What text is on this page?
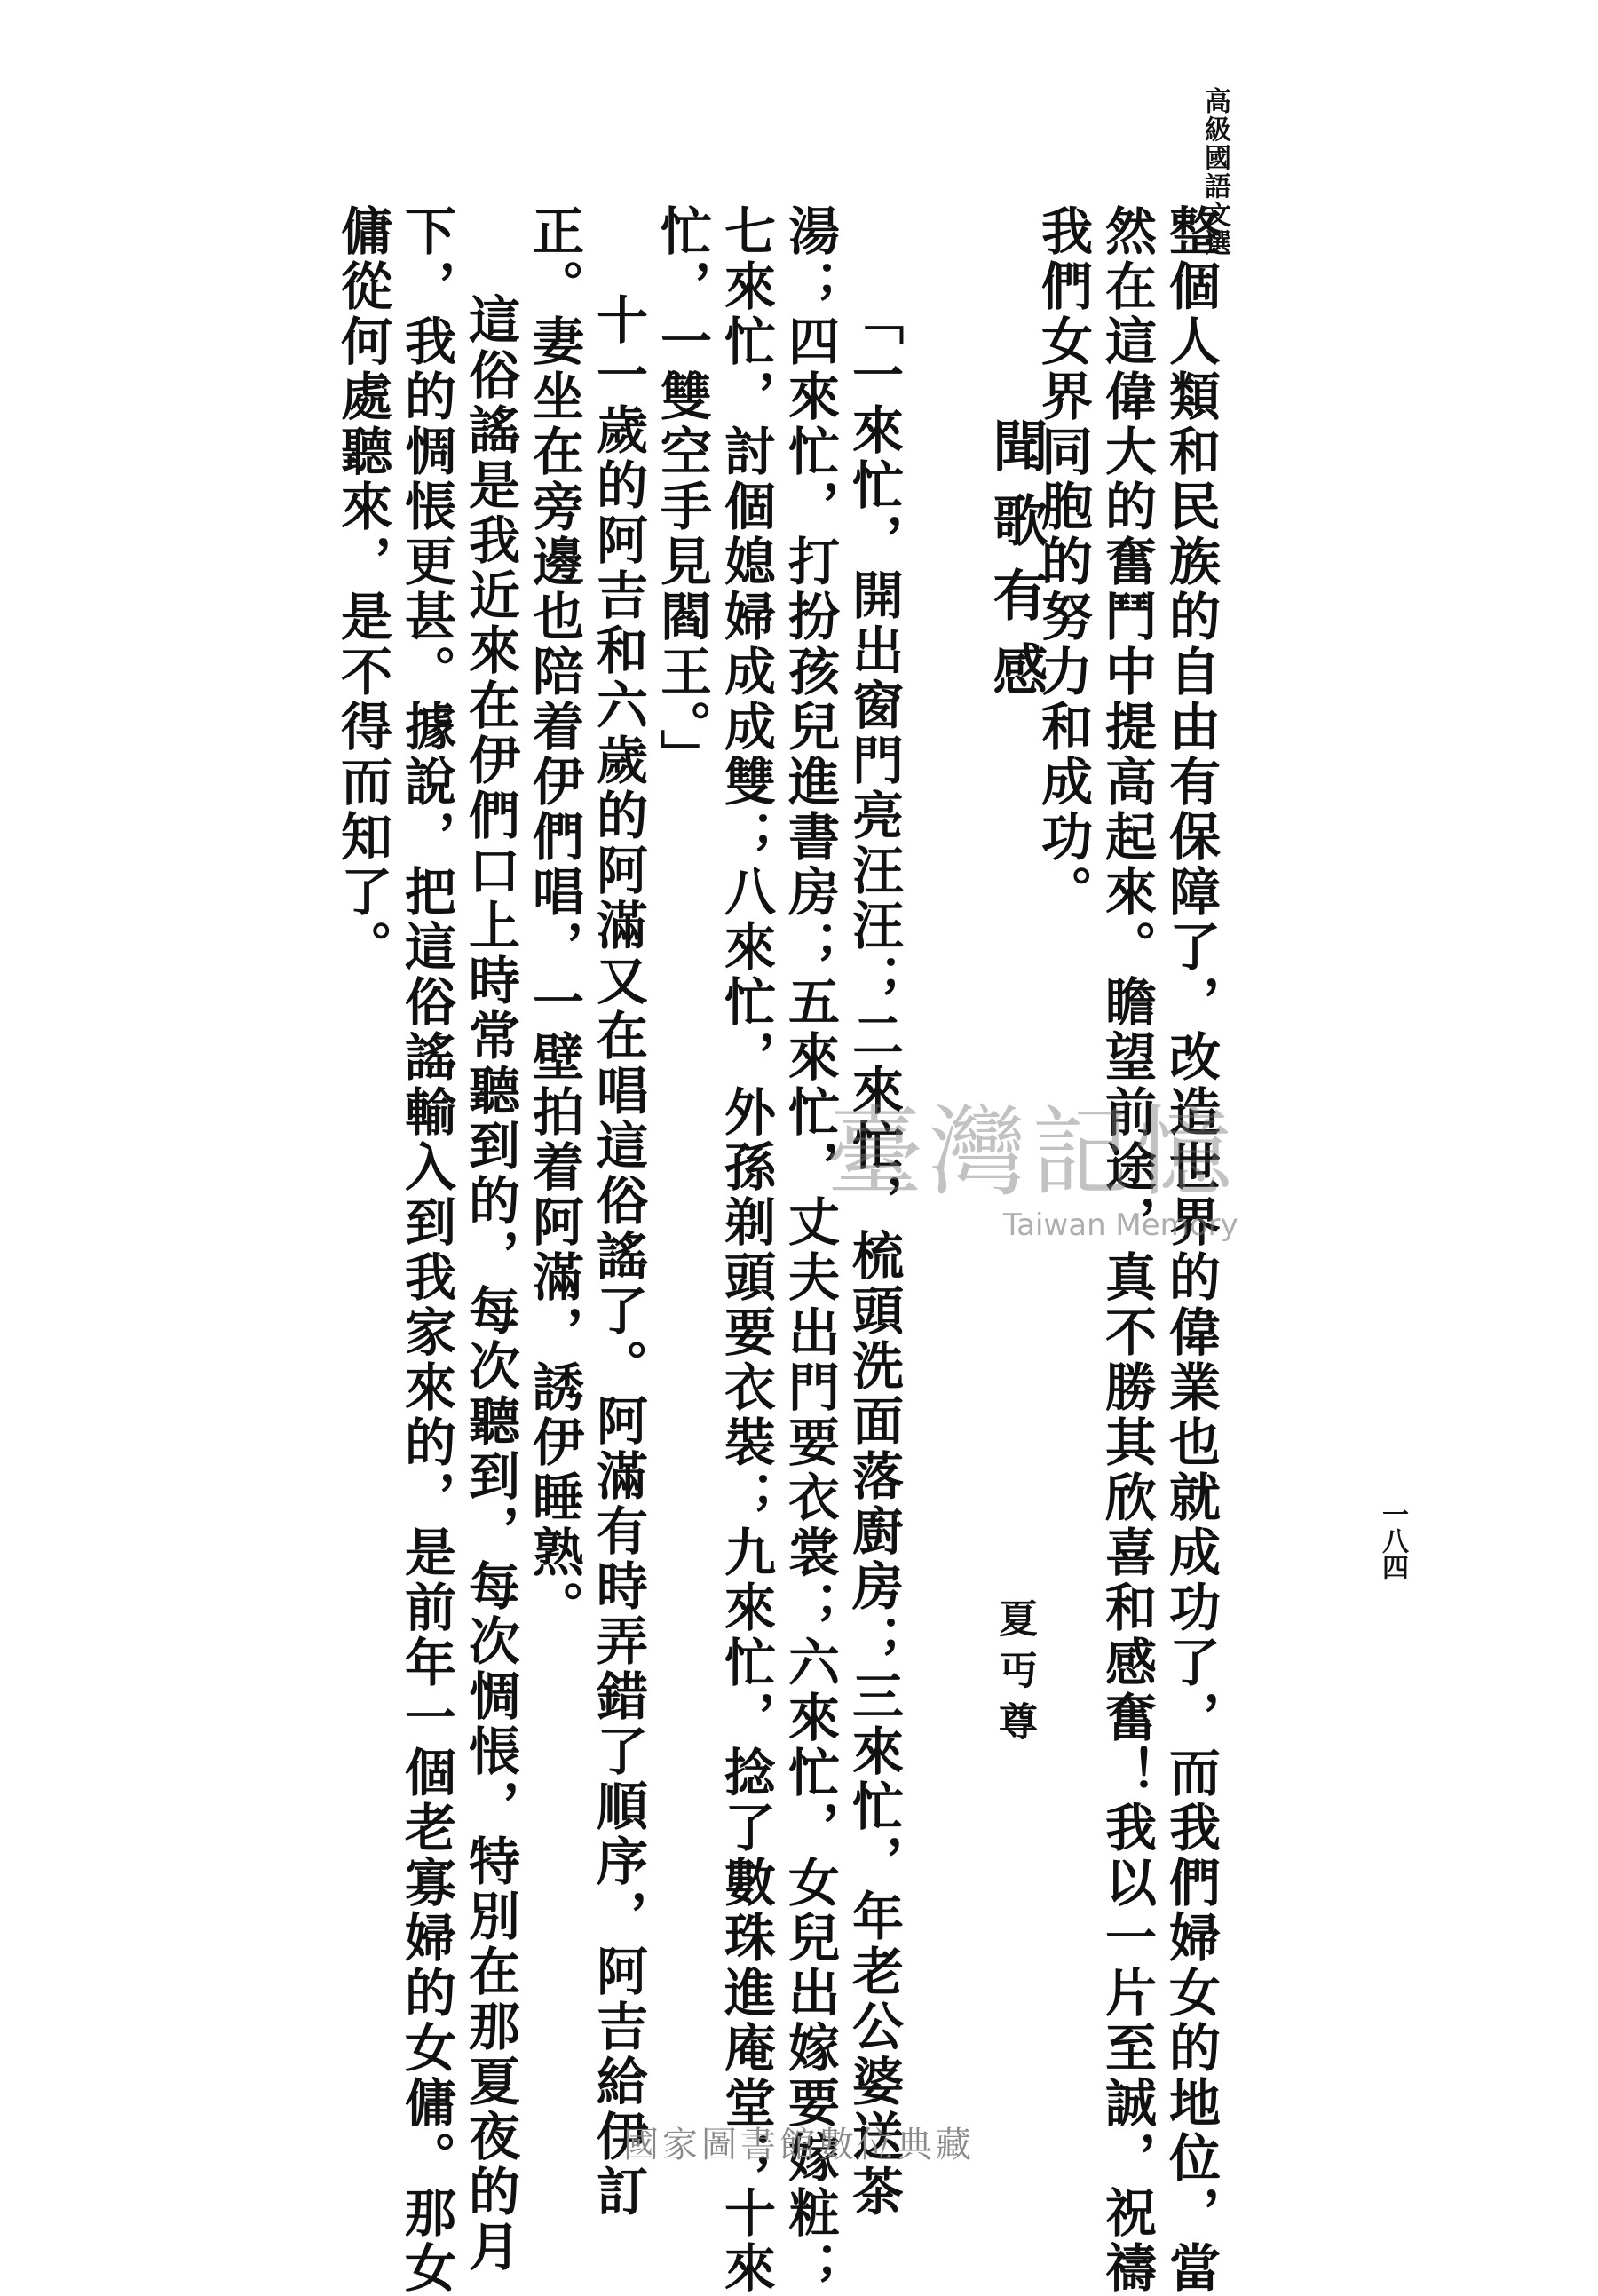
高級國語文選
一八四
整個人類和民族的自由有保障了，改造世界的偉業也就成功了，而我們婦女的地位，當
然在這偉大的奮鬥中提高起來。瞻望前途，真不勝其欣喜和感奮！我以一片至誠，祝禱
我們女界同胞的努力和成功。
聞歌有感
夏丏尊
「一來忙，開出窗門亮汪汪；二來忙，梳頭洗面落廚房；三來忙，年老公婆送茶
湯；四來忙，打扮孩兒進書房；五來忙，丈夫出門要衣裳；六來忙，女兒出嫁要嫁粧；
七來忙，討個媳婦成成雙；八來忙，外孫剃頭要衣裝；九來忙，捻了數珠進庵堂；十來
忙，一雙空手見閻王。」
十一歲的阿吉和六歲的阿滿又在唱這俗謠了。阿滿有時弄錯了順序，阿吉給伊訂
正。妻坐在旁邊也陪着伊們唱，一壁拍着阿滿，誘伊睡熟。
這俗謠是我近來在伊們口上時常聽到的，每次聽到，每次惆悵，特別在那夏夜的月
下，我的惆悵更甚。據說，把這俗謠輸入到我家來的，是前年一個老寡婦的女傭。那女
傭從何處聽來，是不得而知了。
臺灣記憶
Taiwan Memory
國家圖書館數位典藏
